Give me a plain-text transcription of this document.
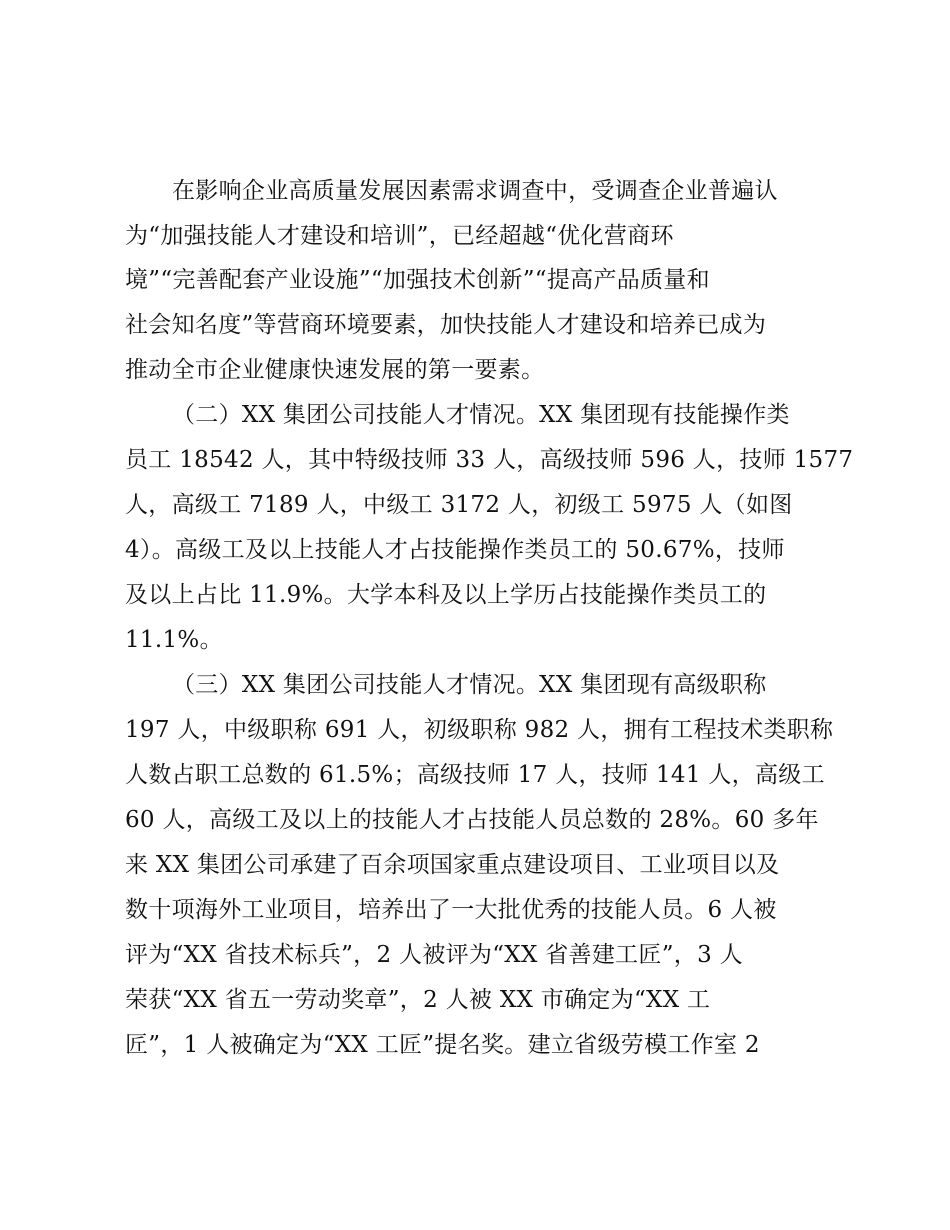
在影响企业高质量发展因素需求调查中，受调查企业普遍认
为“加强技能人才建设和培训”，已经超越“优化营商环
境”“完善配套产业设施”“加强技术创新”“提高产品质量和
社会知名度”等营商环境要素，加快技能人才建设和培养已成为
推动全市企业健康快速发展的第一要素。
（二）XX 集团公司技能人才情况。XX 集团现有技能操作类
员工 18542 人，其中特级技师 33 人，高级技师 596 人，技师 1577
人，高级工 7189 人，中级工 3172 人，初级工 5975 人（如图
4）。高级工及以上技能人才占技能操作类员工的 50.67%，技师
及以上占比 11.9%。大学本科及以上学历占技能操作类员工的
11.1%。
（三）XX 集团公司技能人才情况。XX 集团现有高级职称
197 人，中级职称 691 人，初级职称 982 人，拥有工程技术类职称
人数占职工总数的 61.5%；高级技师 17 人，技师 141 人，高级工
60 人，高级工及以上的技能人才占技能人员总数的 28%。60 多年
来 XX 集团公司承建了百余项国家重点建设项目、工业项目以及
数十项海外工业项目，培养出了一大批优秀的技能人员。6 人被
评为“XX 省技术标兵”，2 人被评为“XX 省善建工匠”，3 人
荣获“XX 省五一劳动奖章”，2 人被 XX 市确定为“XX 工
匠”，1 人被确定为“XX 工匠”提名奖。建立省级劳模工作室 2
